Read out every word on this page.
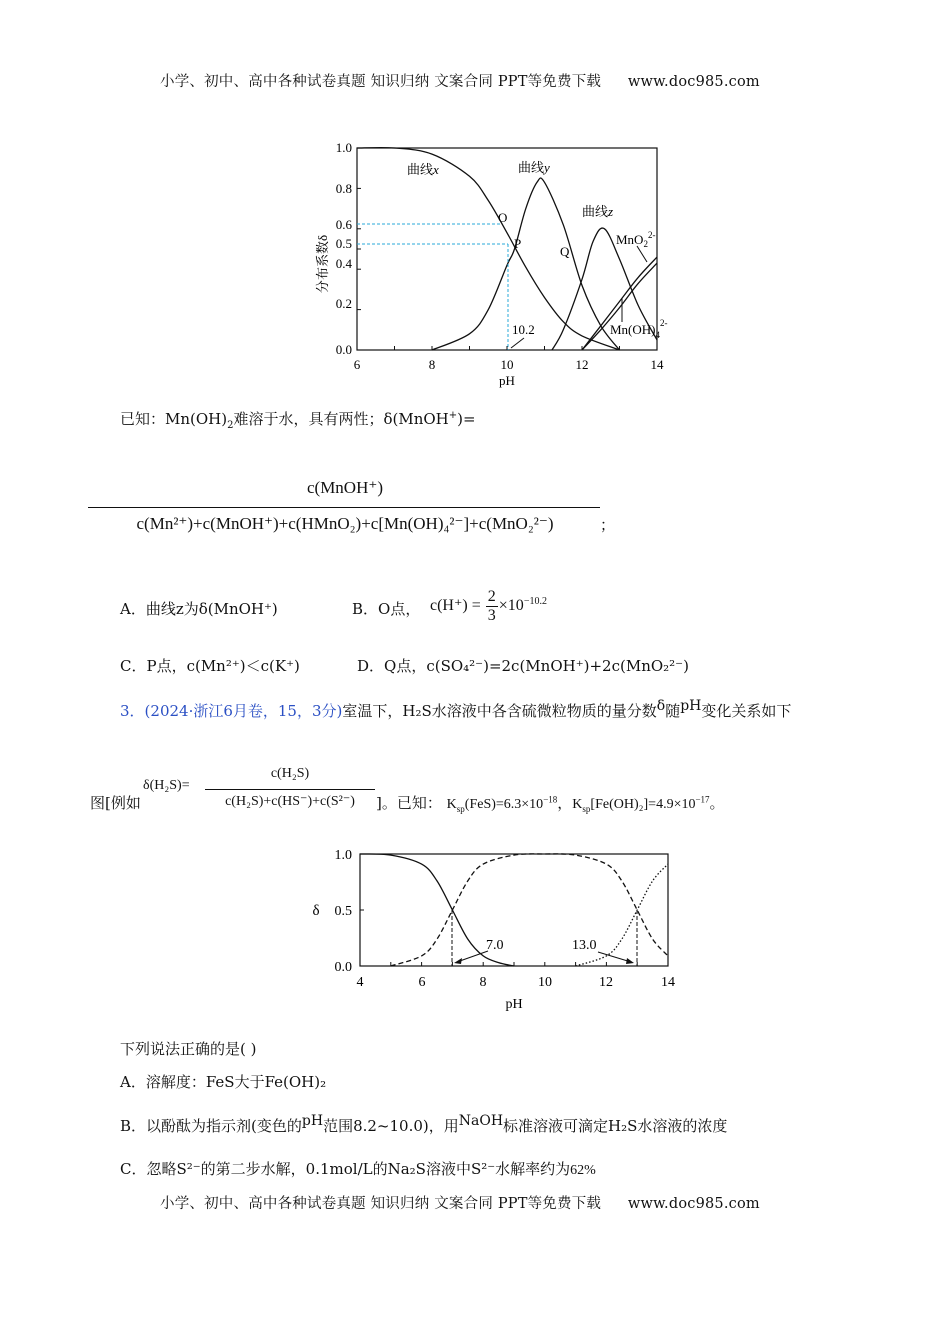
小学、初中、高中各种试卷真题 知识归纳 文案合同 PPT等免费下载 www.doc985.com
6	8	10	12	14
1.0
0.8
0.6
0.5
0.4
0.2
0.0
pH
分布系数δ
曲线x	曲线y
曲线z
O
P
Q
10.2
MnO$_2^{2-}$
$Mn(OH)_4^{2-}$
已知：$Mn(OH)_2$难溶于水，具有两性；δ(MnOH+)=
c(MnOH⁺)
c(Mn²⁺)+c(MnOH⁺)+c(HMnO₂)+c[Mn(OH)₄²⁻]+c(MnO₂²⁻)	；
A．曲线z为δ(MnOH⁺)	B．O点， $c(H^+) = \frac{2}{3} \times 10^{-10.2}$
C．P点，c(Mn²⁺)＜c(K⁺)	D．Q点，c(SO₄²⁻)=2c(MnOH⁺)+2c(MnO₂²⁻)
3．(2024·浙江6月卷，15，3分)室温下，H₂S水溶液中各含硫微粒物质的量分数$^\delta$随$^{pH}$变化关系如下
图[例如
δ(H₂S)=
c(H₂S)
c(H₂S)+c(HS⁻)+c(S²⁻)	]。已知： $K_{sp}(FeS)=6.3\times 10^{-18}$，$K_{sp}[Fe(OH)_2]=4.9\times 10^{-17}$。
4	6	8	10	12	14
1.0
0.5
0.0
pH
δ
7.0	13.0
下列说法正确的是( )
A．溶解度：FeS大于Fe(OH)₂
B．以酚酞为指示剂(变色的$^{pH}$范围8.2~10.0)，用$^{NaOH}$标准溶液可滴定H₂S水溶液的浓度
C．忽略S²⁻的第二步水解，0.1mol/L的Na₂S溶液中S²⁻水解率约为62%
小学、初中、高中各种试卷真题 知识归纳 文案合同 PPT等免费下载 www.doc985.com
